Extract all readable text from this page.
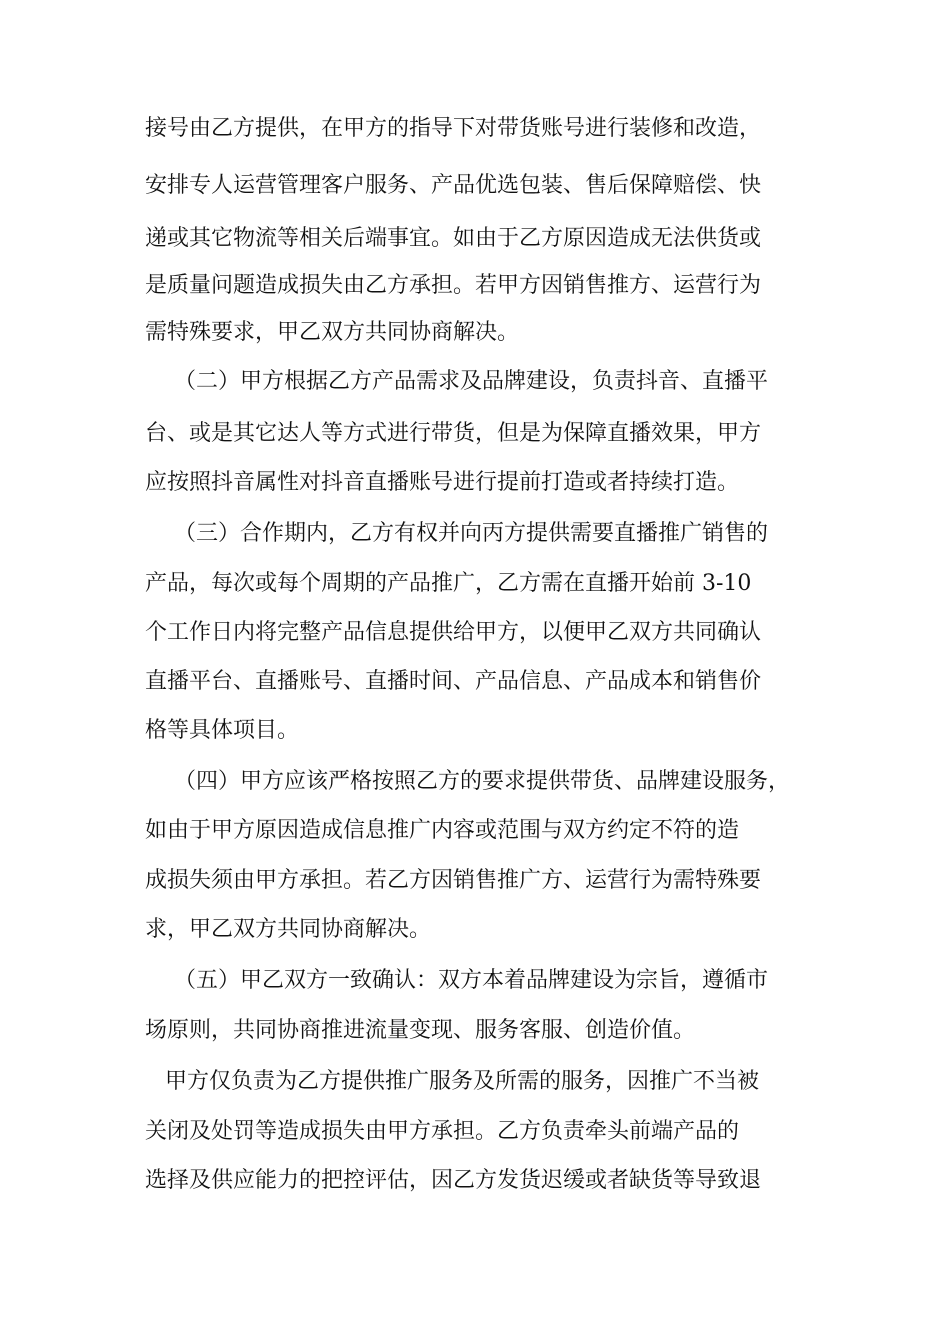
接号由乙方提供，在甲方的指导下对带货账号进行装修和改造，
安排专人运营管理客户服务、产品优选包装、售后保障赔偿、快
递或其它物流等相关后端事宜。如由于乙方原因造成无法供货或
是质量问题造成损失由乙方承担。若甲方因销售推方、运营行为
需特殊要求，甲乙双方共同协商解决。
（二）甲方根据乙方产品需求及品牌建设，负责抖音、直播平
台、或是其它达人等方式进行带货，但是为保障直播效果，甲方
应按照抖音属性对抖音直播账号进行提前打造或者持续打造。
（三）合作期内，乙方有权并向丙方提供需要直播推广销售的
产品，每次或每个周期的产品推广，乙方需在直播开始前 3-10
个工作日内将完整产品信息提供给甲方，以便甲乙双方共同确认
直播平台、直播账号、直播时间、产品信息、产品成本和销售价
格等具体项目。
（四）甲方应该严格按照乙方的要求提供带货、品牌建设服务，
如由于甲方原因造成信息推广内容或范围与双方约定不符的造
成损失须由甲方承担。若乙方因销售推广方、运营行为需特殊要
求，甲乙双方共同协商解决。
（五）甲乙双方一致确认：双方本着品牌建设为宗旨，遵循市
场原则，共同协商推进流量变现、服务客服、创造价值。
甲方仅负责为乙方提供推广服务及所需的服务，因推广不当被
关闭及处罚等造成损失由甲方承担。乙方负责牵头前端产品的
选择及供应能力的把控评估，因乙方发货迟缓或者缺货等导致退
